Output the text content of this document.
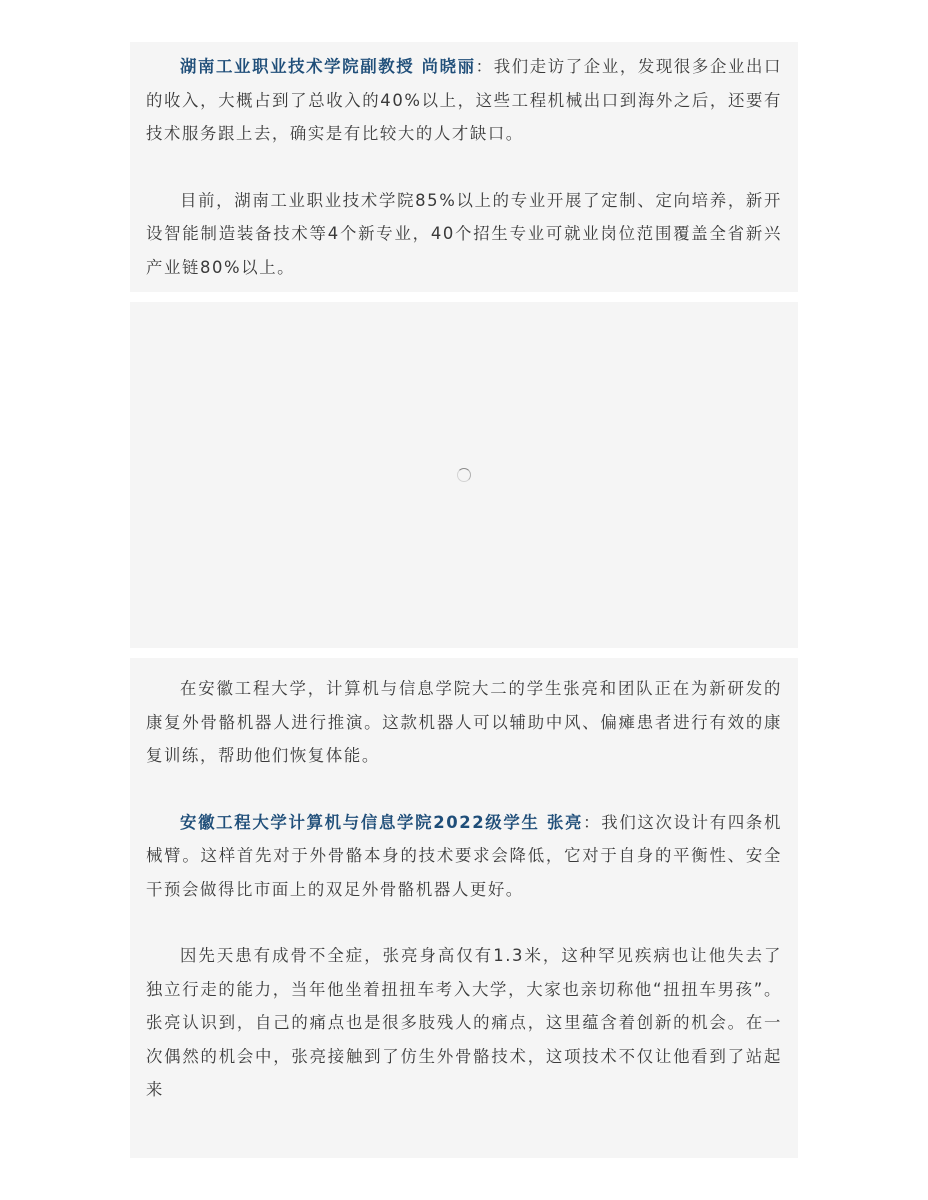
湖南工业职业技术学院副教授 尚晓丽：我们走访了企业，发现很多企业出口的收入，大概占到了总收入的40%以上，这些工程机械出口到海外之后，还要有技术服务跟上去，确实是有比较大的人才缺口。

目前，湖南工业职业技术学院85%以上的专业开展了定制、定向培养，新开设智能制造装备技术等4个新专业，40个招生专业可就业岗位范围覆盖全省新兴产业链80%以上。

在安徽工程大学，计算机与信息学院大二的学生张亮和团队正在为新研发的康复外骨骼机器人进行推演。这款机器人可以辅助中风、偏瘫患者进行有效的康复训练，帮助他们恢复体能。

安徽工程大学计算机与信息学院2022级学生 张亮：我们这次设计有四条机械臂。这样首先对于外骨骼本身的技术要求会降低，它对于自身的平衡性、安全干预会做得比市面上的双足外骨骼机器人更好。

因先天患有成骨不全症，张亮身高仅有1.3米，这种罕见疾病也让他失去了独立行走的能力，当年他坐着扭扭车考入大学，大家也亲切称他“扭扭车男孩”。张亮认识到，自己的痛点也是很多肢残人的痛点，这里蕴含着创新的机会。在一次偶然的机会中，张亮接触到了仿生外骨骼技术，这项技术不仅让他看到了站起来
